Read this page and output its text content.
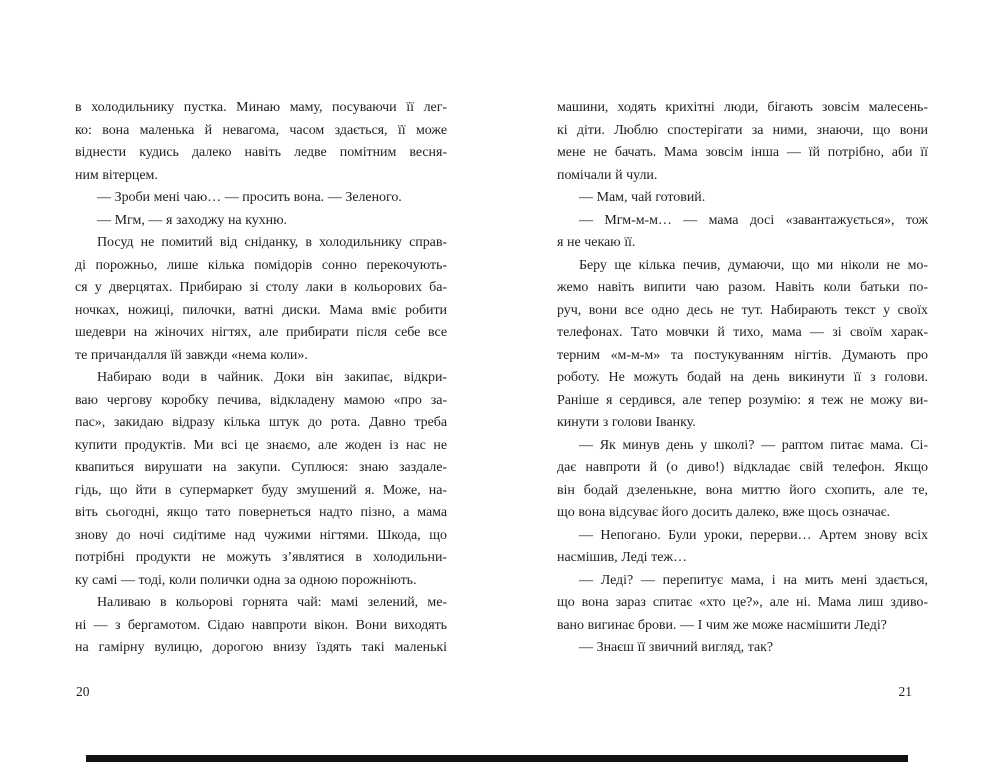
в холодильнику пустка. Минаю маму, посуваючи її лег-
ко: вона маленька й невагома, часом здається, її може
віднести кудись далеко навіть ледве помітним весня-
ним вітерцем.
— Зроби мені чаю… — просить вона. — Зеленого.
— Мгм, — я заходжу на кухню.
Посуд не помитий від сніданку, в холодильнику справ-
ді порожньо, лише кілька помідорів сонно перекочують-
ся у дверцятах. Прибираю зі столу лаки в кольорових ба-
ночках, ножиці, пилочки, ватні диски. Мама вміє робити
шедеври на жіночих нігтях, але прибирати після себе все
те причандалля їй завжди «нема коли».
Набираю води в чайник. Доки він закипає, відкри-
ваю чергову коробку печива, відкладену мамою «про за-
пас», закидаю відразу кілька штук до рота. Давно треба
купити продуктів. Ми всі це знаємо, але жоден із нас не
квапиться вирушати на закупи. Суплюся: знаю заздале-
гідь, що йти в супермаркет буду змушений я. Може, на-
віть сьогодні, якщо тато повернеться надто пізно, а мама
знову до ночі сидітиме над чужими нігтями. Шкода, що
потрібні продукти не можуть з’являтися в холодильни-
ку самі — тоді, коли полички одна за одною порожніють.
Наливаю в кольорові горнята чай: мамі зелений, ме-
ні — з бергамотом. Сідаю навпроти вікон. Вони виходять
на гамірну вулицю, дорогою внизу їздять такі маленькі
20
машини, ходять крихітні люди, бігають зовсім малесень-
кі діти. Люблю спостерігати за ними, знаючи, що вони
мене не бачать. Мама зовсім інша — їй потрібно, аби її
помічали й чули.
— Мам, чай готовий.
— Мгм-м-м… — мама досі «завантажується», тож
я не чекаю її.
Беру ще кілька печив, думаючи, що ми ніколи не мо-
жемо навіть випити чаю разом. Навіть коли батьки по-
руч, вони все одно десь не тут. Набирають текст у своїх
телефонах. Тато мовчки й тихо, мама — зі своїм харак-
терним «м-м-м» та постукуванням нігтів. Думають про
роботу. Не можуть бодай на день викинути її з голови.
Раніше я сердився, але тепер розумію: я теж не можу ви-
кинути з голови Іванку.
— Як минув день у школі? — раптом питає мама. Сі-
дає навпроти й (о диво!) відкладає свій телефон. Якщо
він бодай дзеленькне, вона миттю його схопить, але те,
що вона відсуває його досить далеко, вже щось означає.
— Непогано. Були уроки, перерви… Артем знову всіх
насмішив, Леді теж…
— Леді? — перепитує мама, і на мить мені здається,
що вона зараз спитає «хто це?», але ні. Мама лиш здиво-
вано вигинає брови. — І чим же може насмішити Леді?
— Знаєш її звичний вигляд, так?
21
